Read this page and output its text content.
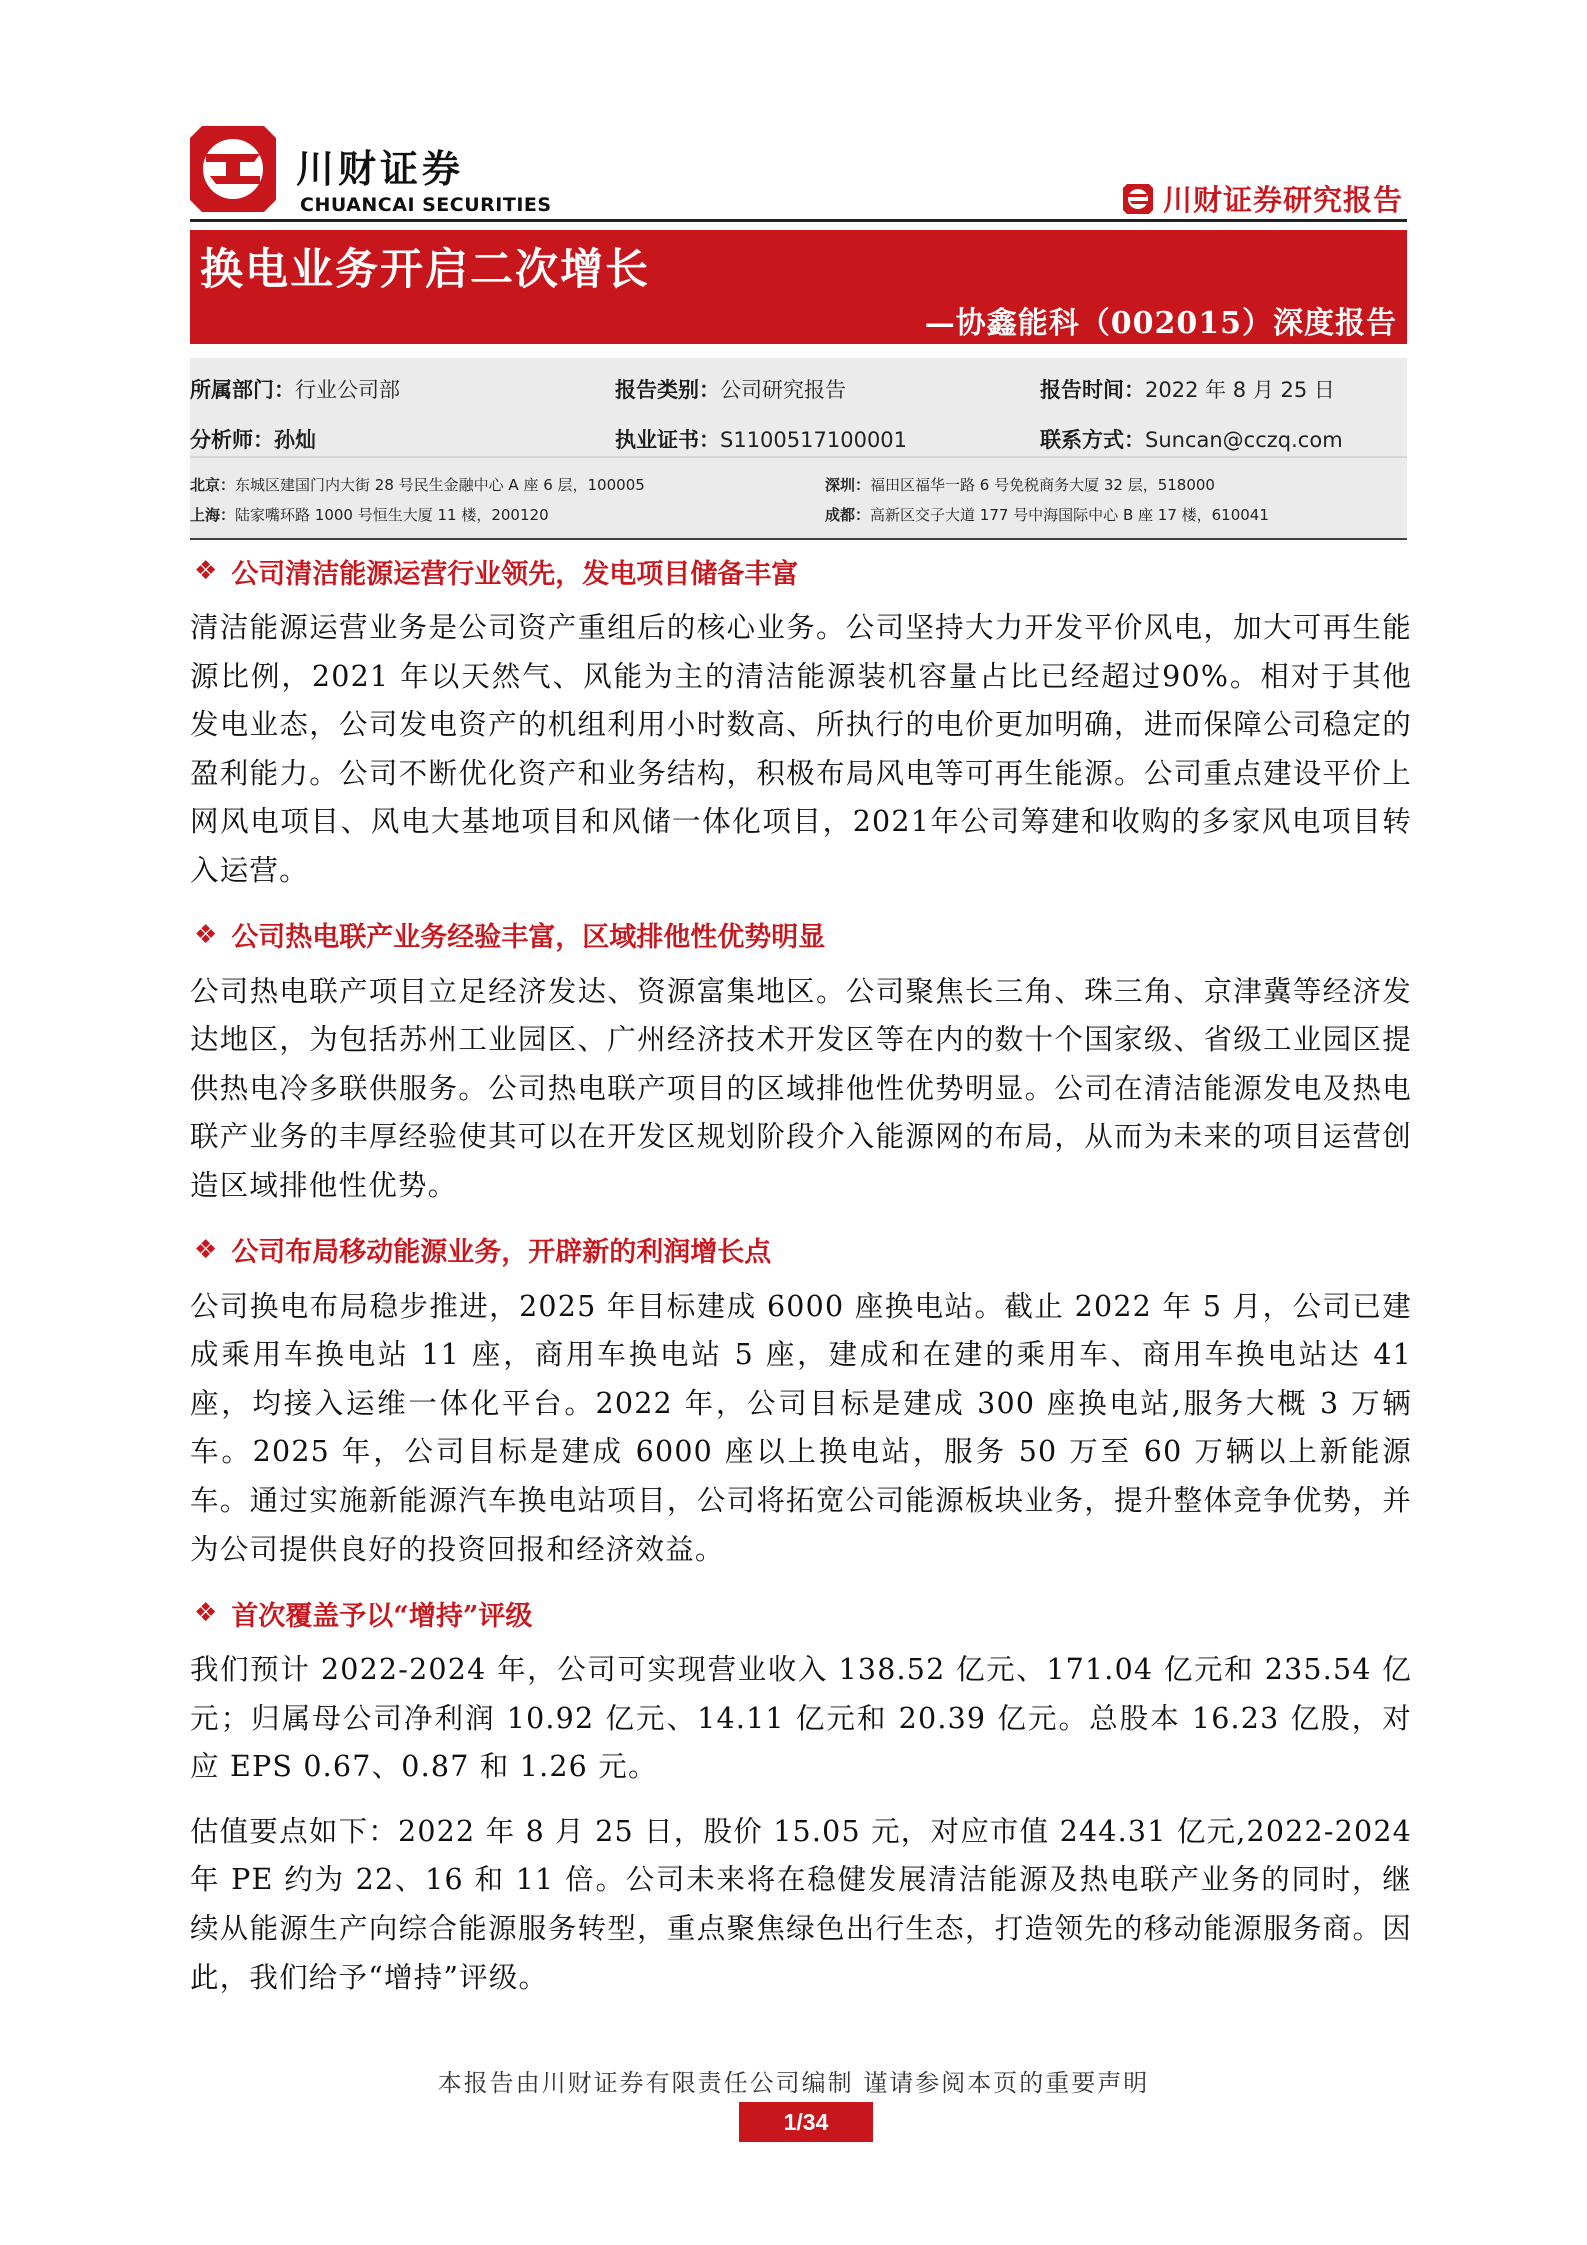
川财证券
CHUANCAI SECURITIES	川财证券研究报告
换电业务开启二次增长
—协鑫能科（002015）深度报告
所属部门：行业公司部	报告类别：公司研究报告	报告时间：2022 年 8 月 25 日
分析师：孙灿	执业证书：S1100517100001	联系方式：Suncan@cczq.com
北京：东城区建国门内大街 28 号民生金融中心 A 座 6 层，100005	深圳：福田区福华一路 6 号免税商务大厦 32 层，518000
上海：陆家嘴环路 1000 号恒生大厦 11 楼，200120	成都：高新区交子大道 177 号中海国际中心 B 座 17 楼，610041
❖ 公司清洁能源运营行业领先，发电项目储备丰富

清洁能源运营业务是公司资产重组后的核心业务。公司坚持大力开发平价风电，加大可再生能源比例，2021 年以天然气、风能为主的清洁能源装机容量占比已经超过90%。相对于其他发电业态，公司发电资产的机组利用小时数高、所执行的电价更加明确，进而保障公司稳定的盈利能力。公司不断优化资产和业务结构，积极布局风电等可再生能源。公司重点建设平价上网风电项目、风电大基地项目和风储一体化项目，2021年公司筹建和收购的多家风电项目转入运营。

❖ 公司热电联产业务经验丰富，区域排他性优势明显

公司热电联产项目立足经济发达、资源富集地区。公司聚焦长三角、珠三角、京津冀等经济发达地区，为包括苏州工业园区、广州经济技术开发区等在内的数十个国家级、省级工业园区提供热电冷多联供服务。公司热电联产项目的区域排他性优势明显。公司在清洁能源发电及热电联产业务的丰厚经验使其可以在开发区规划阶段介入能源网的布局，从而为未来的项目运营创造区域排他性优势。

❖ 公司布局移动能源业务，开辟新的利润增长点

公司换电布局稳步推进，2025 年目标建成 6000 座换电站。截止 2022 年 5 月，公司已建成乘用车换电站 11 座，商用车换电站 5 座，建成和在建的乘用车、商用车换电站达 41 座，均接入运维一体化平台。2022 年，公司目标是建成 300 座换电站,服务大概 3 万辆车。2025 年，公司目标是建成 6000 座以上换电站，服务 50 万至 60 万辆以上新能源车。通过实施新能源汽车换电站项目，公司将拓宽公司能源板块业务，提升整体竞争优势，并为公司提供良好的投资回报和经济效益。

❖ 首次覆盖予以“增持”评级

我们预计 2022-2024 年，公司可实现营业收入 138.52 亿元、171.04 亿元和 235.54 亿元；归属母公司净利润 10.92 亿元、14.11 亿元和 20.39 亿元。总股本 16.23 亿股，对应 EPS 0.67、0.87 和 1.26 元。

估值要点如下：2022 年 8 月 25 日，股价 15.05 元，对应市值 244.31 亿元,2022-2024 年 PE 约为 22、16 和 11 倍。公司未来将在稳健发展清洁能源及热电联产业务的同时，继续从能源生产向综合能源服务转型，重点聚焦绿色出行生态，打造领先的移动能源服务商。因此，我们给予“增持”评级。

本报告由川财证券有限责任公司编制 谨请参阅本页的重要声明
1/34
